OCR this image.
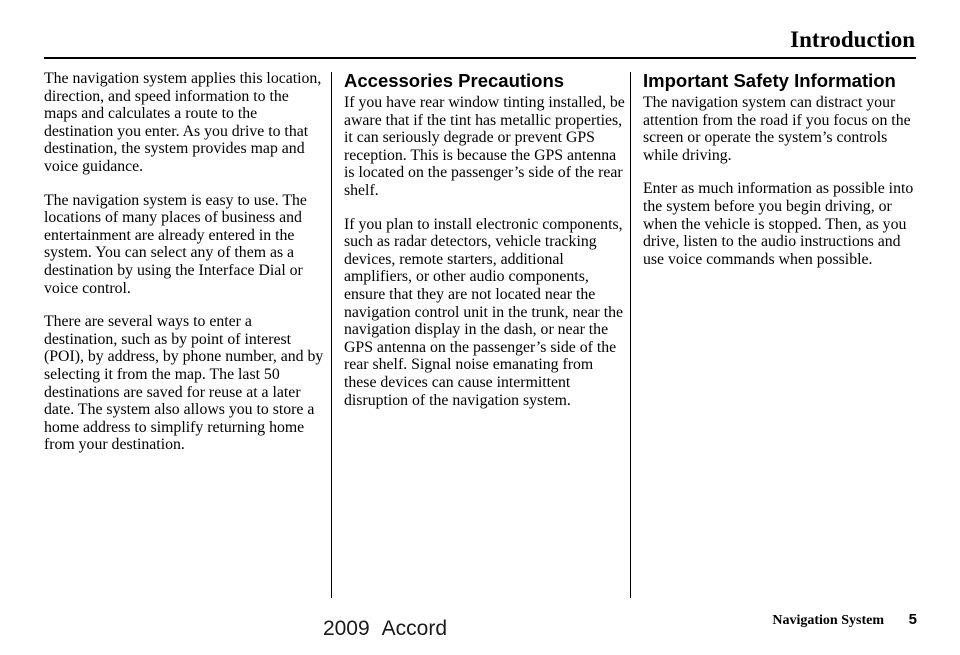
Introduction

The navigation system applies this location, direction, and speed information to the maps and calculates a route to the destination you enter. As you drive to that destination, the system provides map and voice guidance.

The navigation system is easy to use. The locations of many places of business and entertainment are already entered in the system. You can select any of them as a destination by using the Interface Dial or voice control.

There are several ways to enter a destination, such as by point of interest (POI), by address, by phone number, and by selecting it from the map. The last 50 destinations are saved for reuse at a later date. The system also allows you to store a home address to simplify returning home from your destination.

Accessories Precautions

If you have rear window tinting installed, be aware that if the tint has metallic properties, it can seriously degrade or prevent GPS reception. This is because the GPS antenna is located on the passenger’s side of the rear shelf.

If you plan to install electronic components, such as radar detectors, vehicle tracking devices, remote starters, additional amplifiers, or other audio components, ensure that they are not located near the navigation control unit in the trunk, near the navigation display in the dash, or near the GPS antenna on the passenger’s side of the rear shelf. Signal noise emanating from these devices can cause intermittent disruption of the navigation system.

Important Safety Information

The navigation system can distract your attention from the road if you focus on the screen or operate the system’s controls while driving.

Enter as much information as possible into the system before you begin driving, or when the vehicle is stopped. Then, as you drive, listen to the audio instructions and use voice commands when possible.

Navigation System 5
2009 Accord
